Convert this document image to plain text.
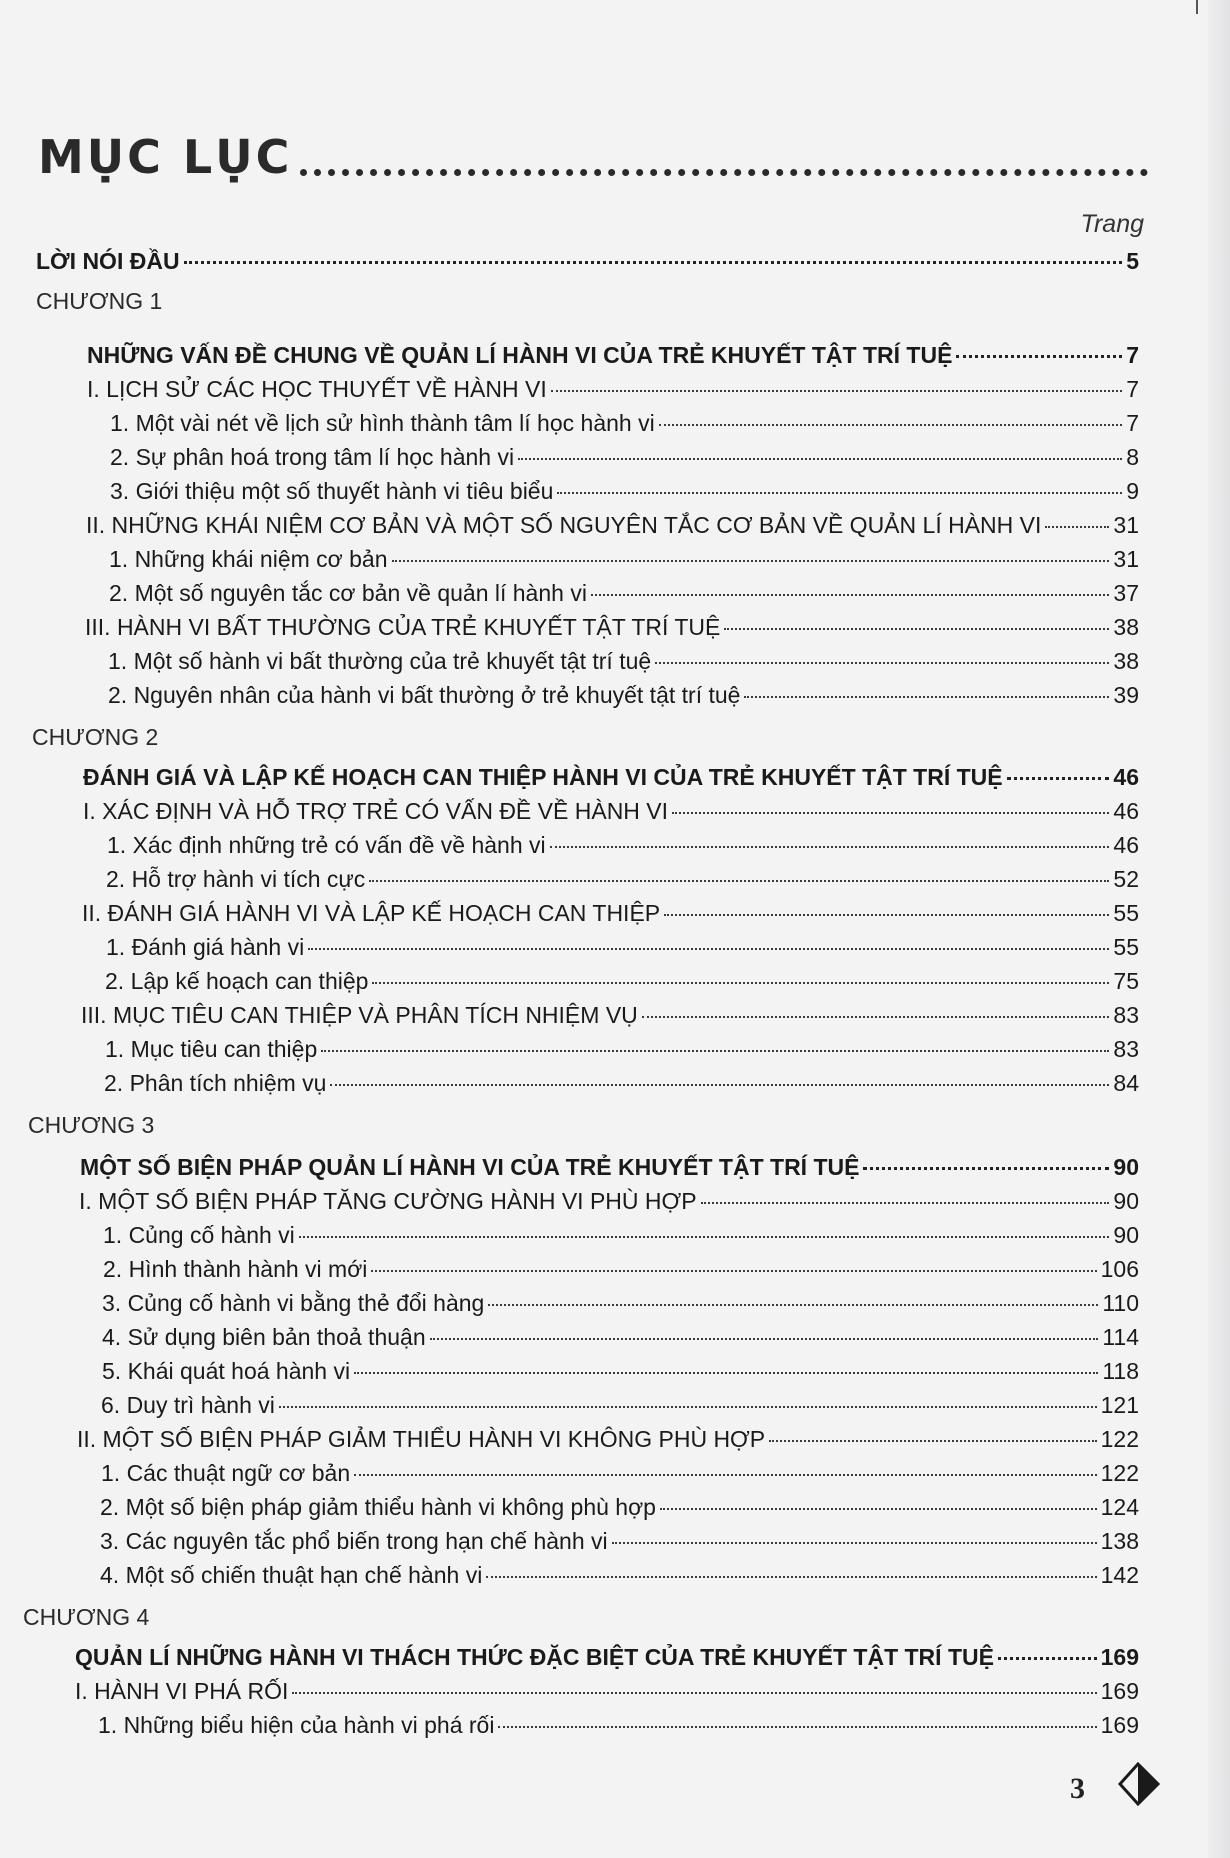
MỤC LỤC
Trang
LỜI NÓI ĐẦU	5
CHƯƠNG 1
NHỮNG VẤN ĐỀ CHUNG VỀ QUẢN LÍ HÀNH VI CỦA TRẺ KHUYẾT TẬT TRÍ TUỆ	7
I. LỊCH SỬ CÁC HỌC THUYẾT VỀ HÀNH VI	7
1. Một vài nét về lịch sử hình thành tâm lí học hành vi	7
2. Sự phân hoá trong tâm lí học hành vi	8
3. Giới thiệu một số thuyết hành vi tiêu biểu	9
II. NHỮNG KHÁI NIỆM CƠ BẢN VÀ MỘT SỐ NGUYÊN TẮC CƠ BẢN VỀ QUẢN LÍ HÀNH VI	31
1. Những khái niệm cơ bản	31
2. Một số nguyên tắc cơ bản về quản lí hành vi	37
III. HÀNH VI BẤT THƯỜNG CỦA TRẺ KHUYẾT TẬT TRÍ TUỆ	38
1. Một số hành vi bất thường của trẻ khuyết tật trí tuệ	38
2. Nguyên nhân của hành vi bất thường ở trẻ khuyết tật trí tuệ	39
CHƯƠNG 2
ĐÁNH GIÁ VÀ LẬP KẾ HOẠCH CAN THIỆP HÀNH VI CỦA TRẺ KHUYẾT TẬT TRÍ TUỆ	46
I. XÁC ĐỊNH VÀ HỖ TRỢ TRẺ CÓ VẤN ĐỀ VỀ HÀNH VI	46
1. Xác định những trẻ có vấn đề về hành vi	46
2. Hỗ trợ hành vi tích cực	52
II. ĐÁNH GIÁ HÀNH VI VÀ LẬP KẾ HOẠCH CAN THIỆP	55
1. Đánh giá hành vi	55
2. Lập kế hoạch can thiệp	75
III. MỤC TIÊU CAN THIỆP VÀ PHÂN TÍCH NHIỆM VỤ	83
1. Mục tiêu can thiệp	83
2. Phân tích nhiệm vụ	84
CHƯƠNG 3
MỘT SỐ BIỆN PHÁP QUẢN LÍ HÀNH VI CỦA TRẺ KHUYẾT TẬT TRÍ TUỆ	90
I. MỘT SỐ BIỆN PHÁP TĂNG CƯỜNG HÀNH VI PHÙ HỢP	90
1. Củng cố hành vi	90
2. Hình thành hành vi mới	106
3. Củng cố hành vi bằng thẻ đổi hàng	110
4. Sử dụng biên bản thoả thuận	114
5. Khái quát hoá hành vi	118
6. Duy trì hành vi	121
II. MỘT SỐ BIỆN PHÁP GIẢM THIỂU HÀNH VI KHÔNG PHÙ HỢP	122
1. Các thuật ngữ cơ bản	122
2. Một số biện pháp giảm thiểu hành vi không phù hợp	124
3. Các nguyên tắc phổ biến trong hạn chế hành vi	138
4. Một số chiến thuật hạn chế hành vi	142
CHƯƠNG 4
QUẢN LÍ NHỮNG HÀNH VI THÁCH THỨC ĐẶC BIỆT CỦA TRẺ KHUYẾT TẬT TRÍ TUỆ	169
I. HÀNH VI PHÁ RỐI	169
1. Những biểu hiện của hành vi phá rối	169
3
